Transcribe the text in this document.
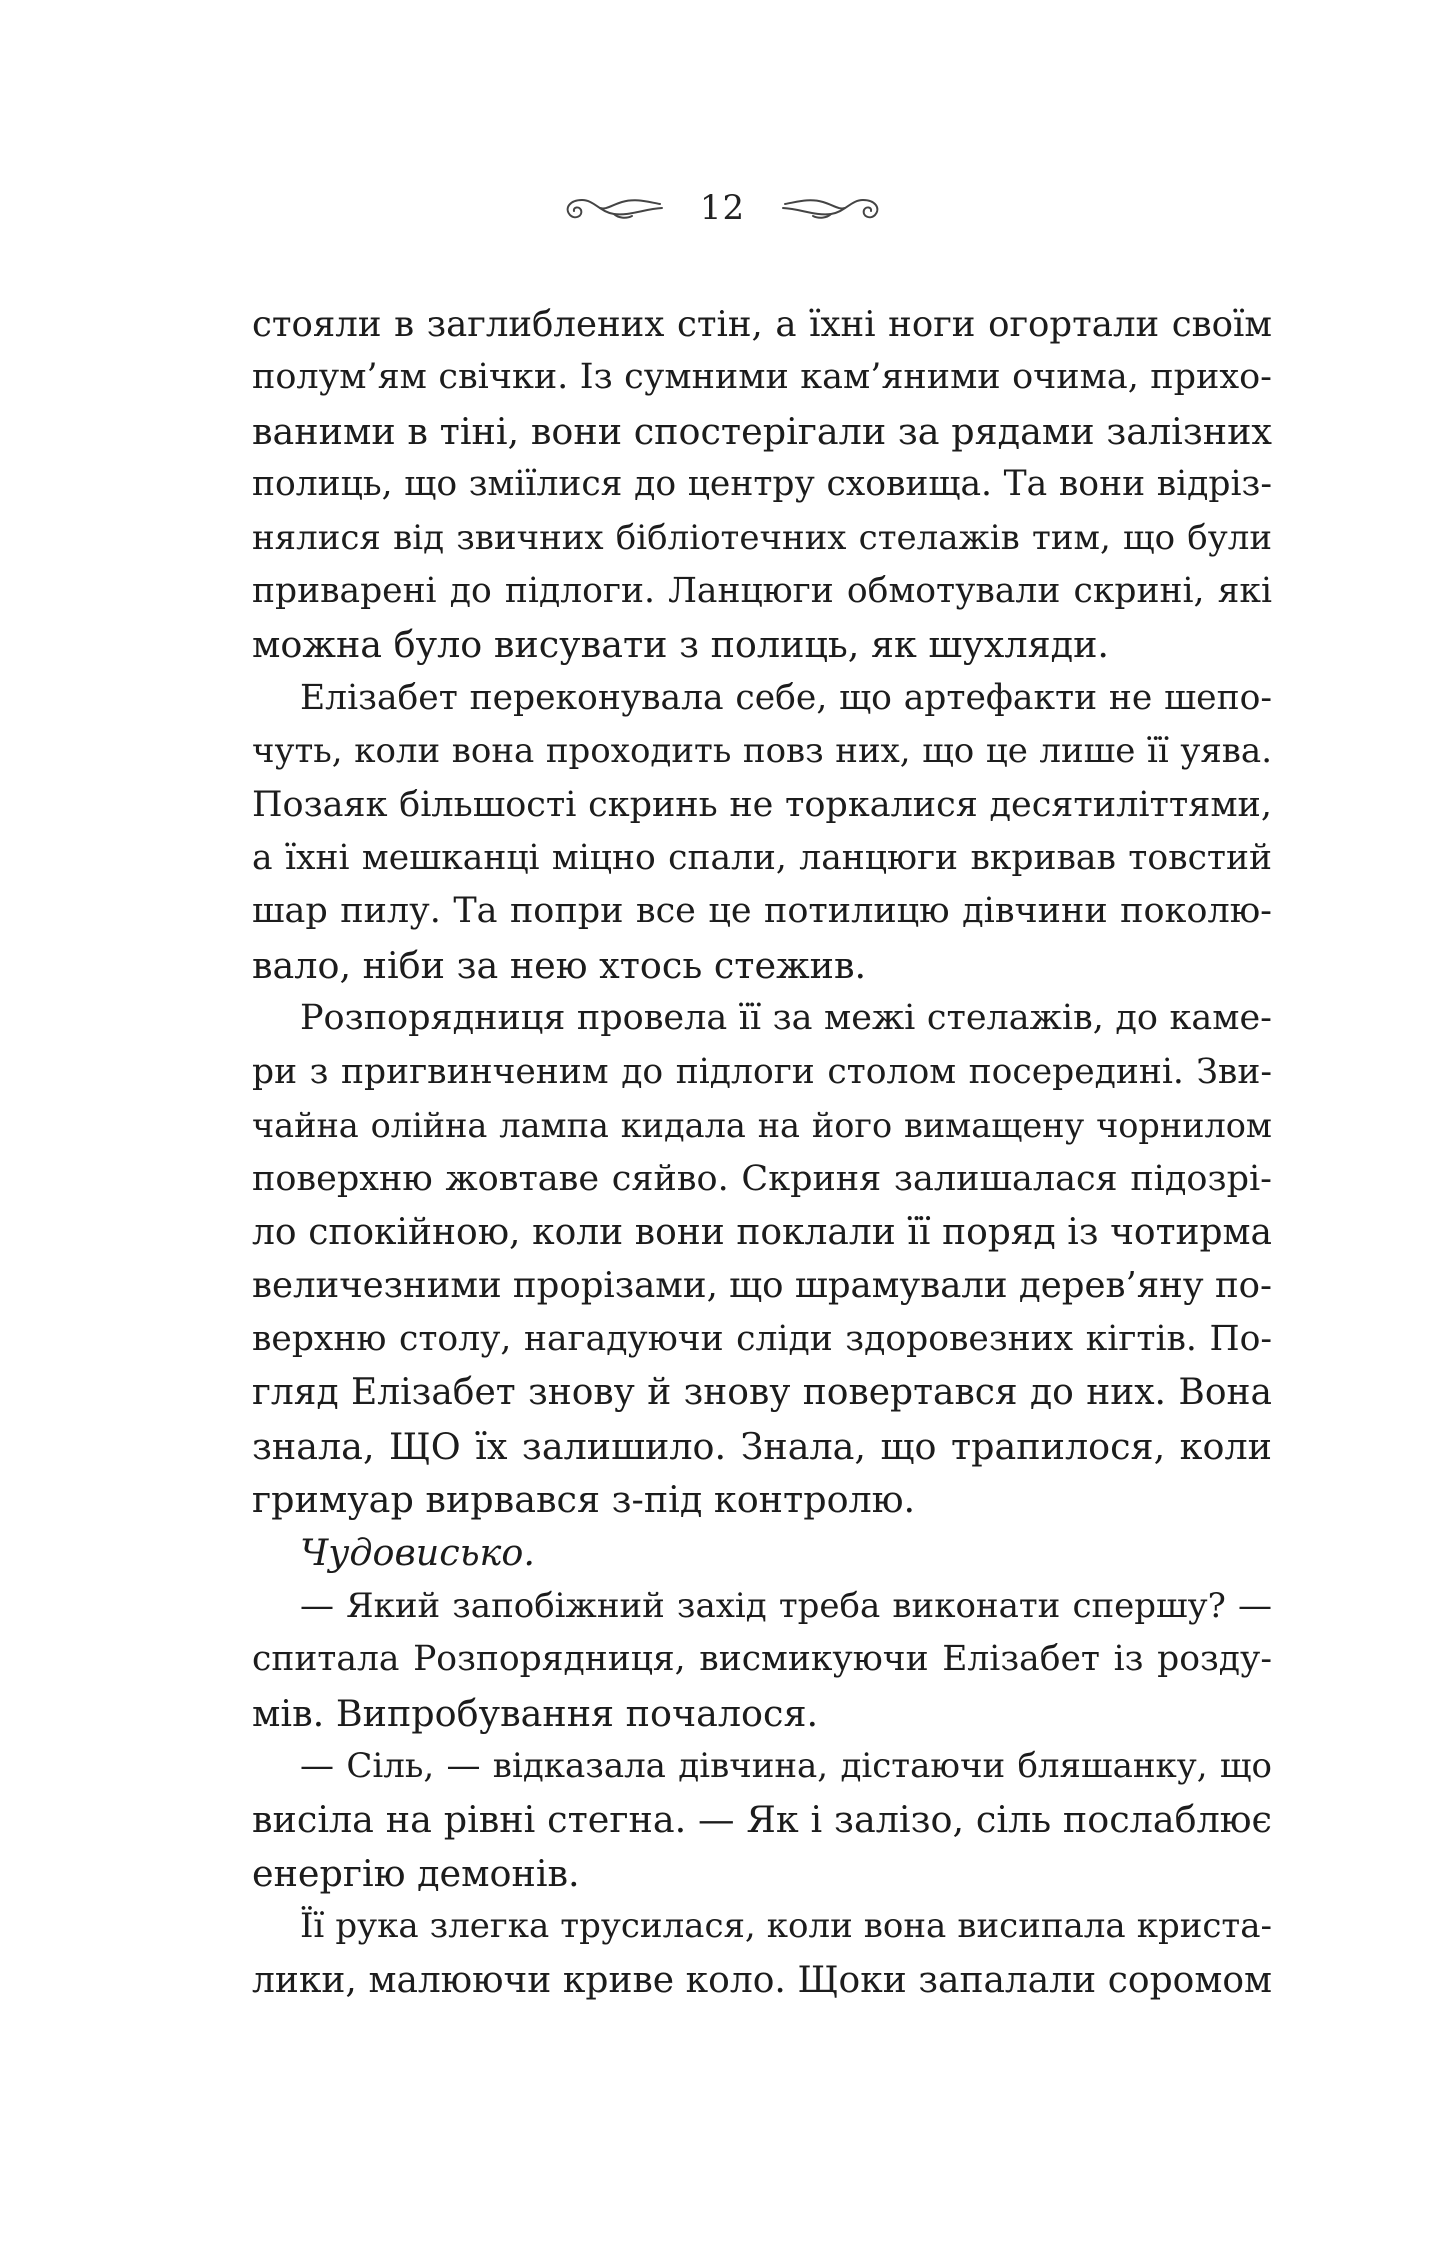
12

стояли в заглиблених стін, а їхні ноги огортали своїм

полум’ям свічки. Із сумними кам’яними очима, прихо-

ваними в тіні, вони спостерігали за рядами залізних

полиць, що зміїлися до центру сховища. Та вони відріз-

нялися від звичних бібліотечних стелажів тим, що були

приварені до підлоги. Ланцюги обмотували скрині, які

можна було висувати з полиць, як шухляди.

Елізабет переконувала себе, що артефакти не шепо-

чуть, коли вона проходить повз них, що це лише її уява.

Позаяк більшості скринь не торкалися десятиліттями,

а їхні мешканці міцно спали, ланцюги вкривав товстий

шар пилу. Та попри все це потилицю дівчини поколю-

вало, ніби за нею хтось стежив.

Розпорядниця провела її за межі стелажів, до каме-

ри з пригвинченим до підлоги столом посередині. Зви-

чайна олійна лампа кидала на його вимащену чорнилом

поверхню жовтаве сяйво. Скриня залишалася підозрі-

ло спокійною, коли вони поклали її поряд із чотирма

величезними прорізами, що шрамували дерев’яну по-

верхню столу, нагадуючи сліди здоровезних кігтів. По-

гляд Елізабет знову й знову повертався до них. Вона

знала, ЩО їх залишило. Знала, що трапилося, коли

гримуар вирвався з-під контролю.

Чудовисько.

— Який запобіжний захід треба виконати спершу? —

спитала Розпорядниця, висмикуючи Елізабет із розду-

мів. Випробування почалося.

— Сіль, — відказала дівчина, дістаючи бляшанку, що

висіла на рівні стегна. — Як і залізо, сіль послаблює

енергію демонів.

Її рука злегка трусилася, коли вона висипала криста-

лики, малюючи криве коло. Щоки запалали соромом
